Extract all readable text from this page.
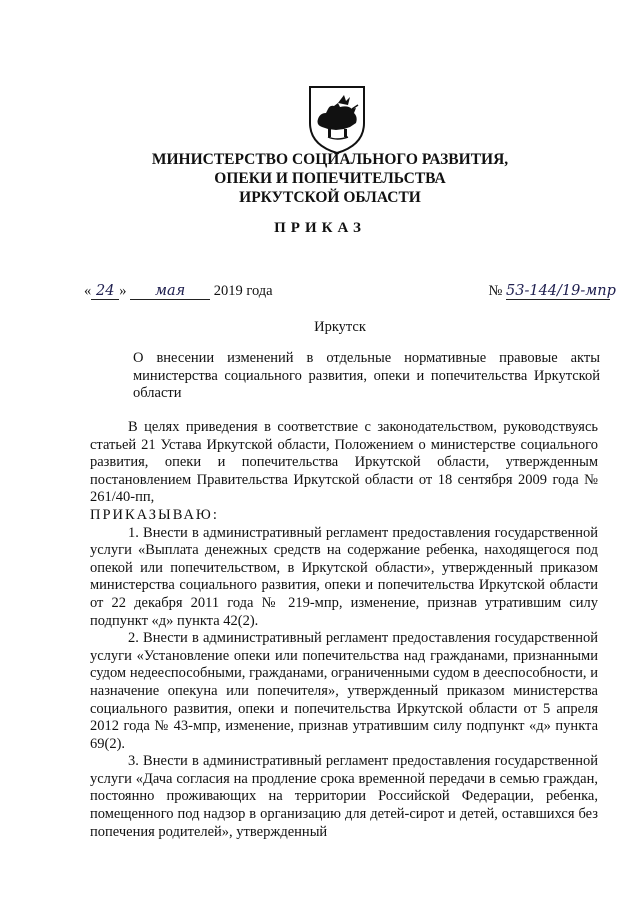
МИНИСТЕРСТВО СОЦИАЛЬНОГО РАЗВИТИЯ,
ОПЕКИ И ПОПЕЧИТЕЛЬСТВА
ИРКУТСКОЙ ОБЛАСТИ
ПРИКАЗ
« 24 » мая 2019 года	№ 53-144/19-мпр
Иркутск
О внесении изменений в отдельные нормативные правовые акты министерства социального развития, опеки и попечительства Иркутской области

В целях приведения в соответствие с законодательством, руководствуясь статьей 21 Устава Иркутской области, Положением о министерстве социального развития, опеки и попечительства Иркутской области, утвержденным постановлением Правительства Иркутской области от 18 сентября 2009 года № 261/40-пп,

ПРИКАЗЫВАЮ:

1. Внести в административный регламент предоставления государственной услуги «Выплата денежных средств на содержание ребенка, находящегося под опекой или попечительством, в Иркутской области», утвержденный приказом министерства социального развития, опеки и попечительства Иркутской области от 22 декабря 2011 года № 219-мпр, изменение, признав утратившим силу подпункт «д» пункта 42(2).

2. Внести в административный регламент предоставления государственной услуги «Установление опеки или попечительства над гражданами, признанными судом недееспособными, гражданами, ограниченными судом в дееспособности, и назначение опекуна или попечителя», утвержденный приказом министерства социального развития, опеки и попечительства Иркутской области от 5 апреля 2012 года № 43-мпр, изменение, признав утратившим силу подпункт «д» пункта 69(2).

3. Внести в административный регламент предоставления государственной услуги «Дача согласия на продление срока временной передачи в семью граждан, постоянно проживающих на территории Российской Федерации, ребенка, помещенного под надзор в организацию для детей-сирот и детей, оставшихся без попечения родителей», утвержденный
